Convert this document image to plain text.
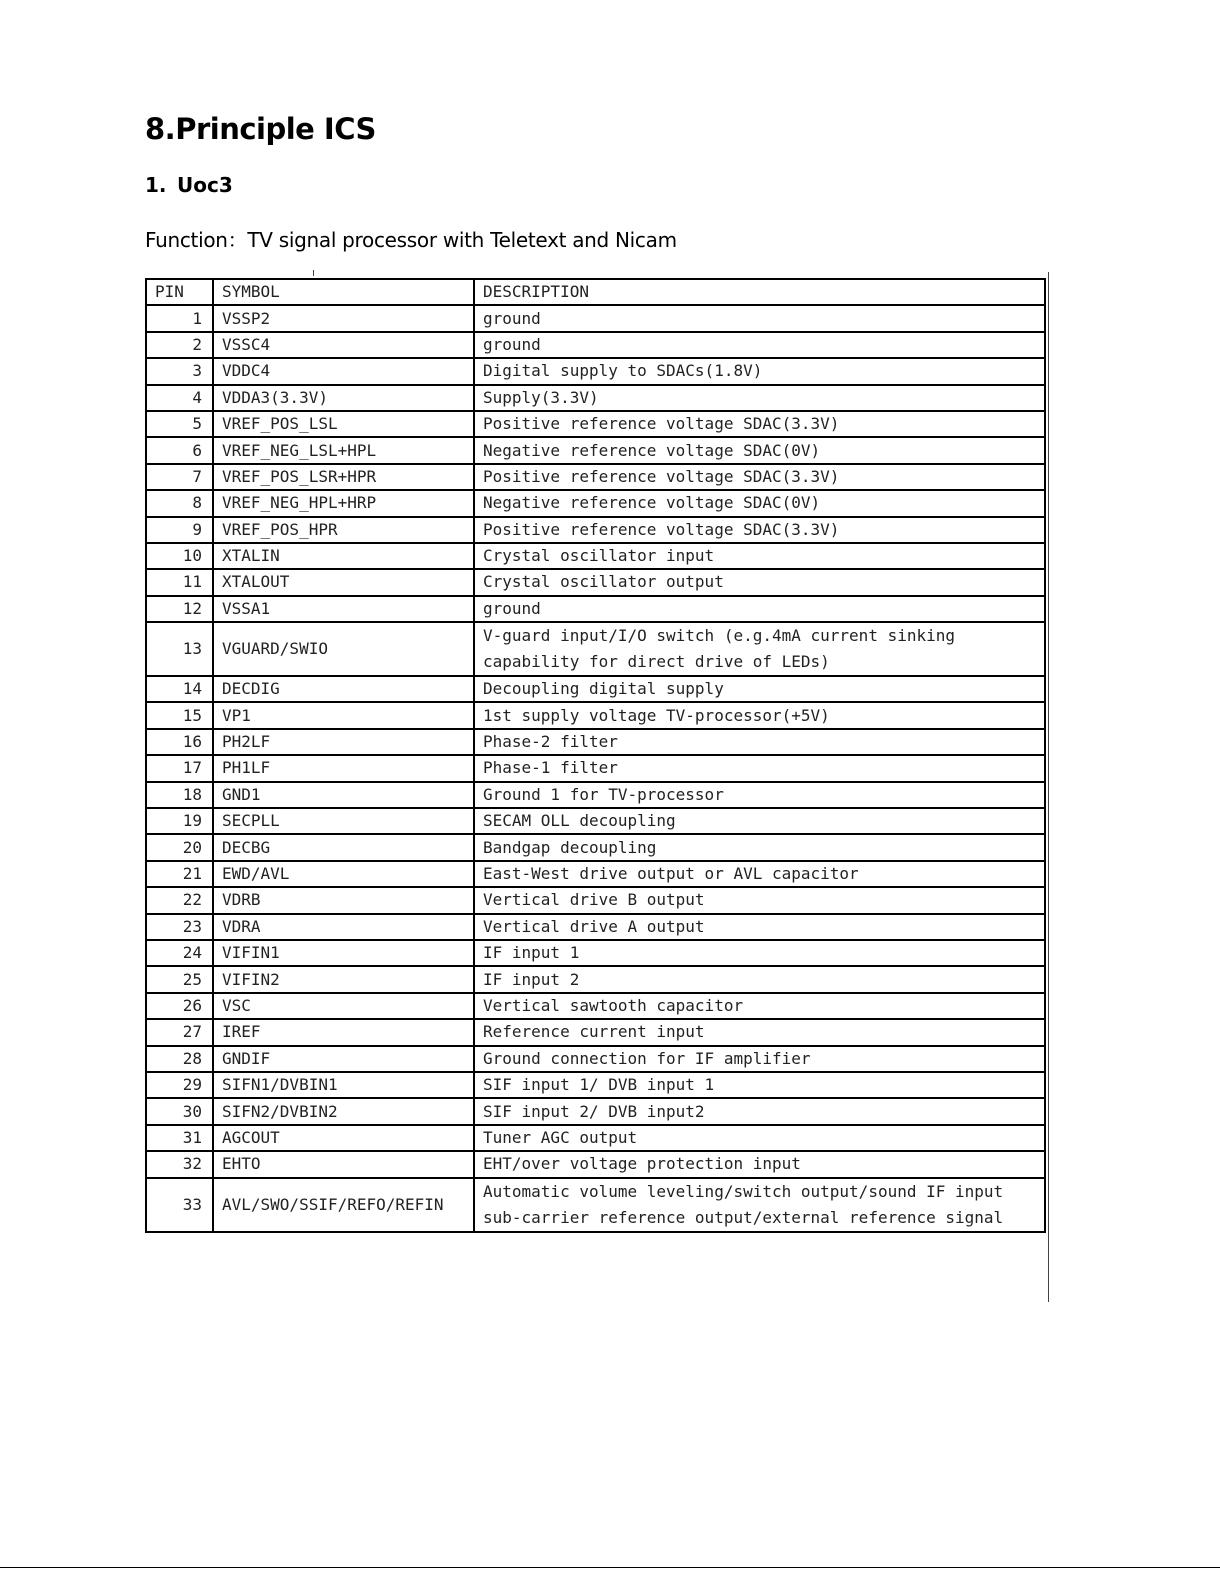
8.Principle ICS
1. Uoc3

Function：TV signal processor with Teletext and Nicam

PIN	SYMBOL	DESCRIPTION
1	VSSP2	ground
2	VSSC4	ground
3	VDDC4	Digital supply to SDACs(1.8V)
4	VDDA3(3.3V)	Supply(3.3V)
5	VREF_POS_LSL	Positive reference voltage SDAC(3.3V)
6	VREF_NEG_LSL+HPL	Negative reference voltage SDAC(0V)
7	VREF_POS_LSR+HPR	Positive reference voltage SDAC(3.3V)
8	VREF_NEG_HPL+HRP	Negative reference voltage SDAC(0V)
9	VREF_POS_HPR	Positive reference voltage SDAC(3.3V)
10	XTALIN	Crystal oscillator input
11	XTALOUT	Crystal oscillator output
12	VSSA1	ground
13	VGUARD/SWIO	V-guard input/I/O switch (e.g.4mA current sinking capability for direct drive of LEDs)
14	DECDIG	Decoupling digital supply
15	VP1	1st supply voltage TV-processor(+5V)
16	PH2LF	Phase-2 filter
17	PH1LF	Phase-1 filter
18	GND1	Ground 1 for TV-processor
19	SECPLL	SECAM OLL decoupling
20	DECBG	Bandgap decoupling
21	EWD/AVL	East-West drive output or AVL capacitor
22	VDRB	Vertical drive B output
23	VDRA	Vertical drive A output
24	VIFIN1	IF input 1
25	VIFIN2	IF input 2
26	VSC	Vertical sawtooth capacitor
27	IREF	Reference current input
28	GNDIF	Ground connection for IF amplifier
29	SIFN1/DVBIN1	SIF input 1/ DVB input 1
30	SIFN2/DVBIN2	SIF input 2/ DVB input2
31	AGCOUT	Tuner AGC output
32	EHTO	EHT/over voltage protection input
33	AVL/SWO/SSIF/REFO/REFIN	Automatic volume leveling/switch output/sound IF input sub-carrier reference output/external reference signal
